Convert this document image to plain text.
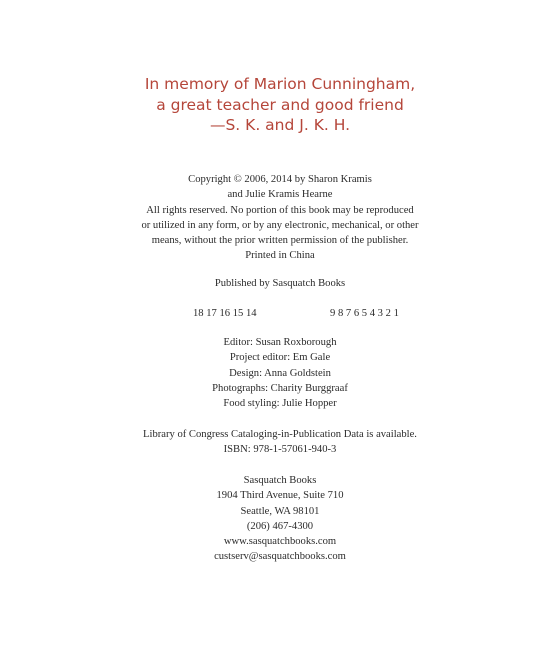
In memory of Marion Cunningham,
a great teacher and good friend
—S. K. and J. K. H.
Copyright © 2006, 2014 by Sharon Kramis
and Julie Kramis Hearne
All rights reserved. No portion of this book may be reproduced
or utilized in any form, or by any electronic, mechanical, or other
means, without the prior written permission of the publisher.
Printed in China
Published by Sasquatch Books
18 17 16 15 14	9 8 7 6 5 4 3 2 1
Editor: Susan Roxborough
Project editor: Em Gale
Design: Anna Goldstein
Photographs: Charity Burggraaf
Food styling: Julie Hopper
Library of Congress Cataloging-in-Publication Data is available.
ISBN: 978-1-57061-940-3
Sasquatch Books
1904 Third Avenue, Suite 710
Seattle, WA 98101
(206) 467-4300
www.sasquatchbooks.com
custserv@sasquatchbooks.com
